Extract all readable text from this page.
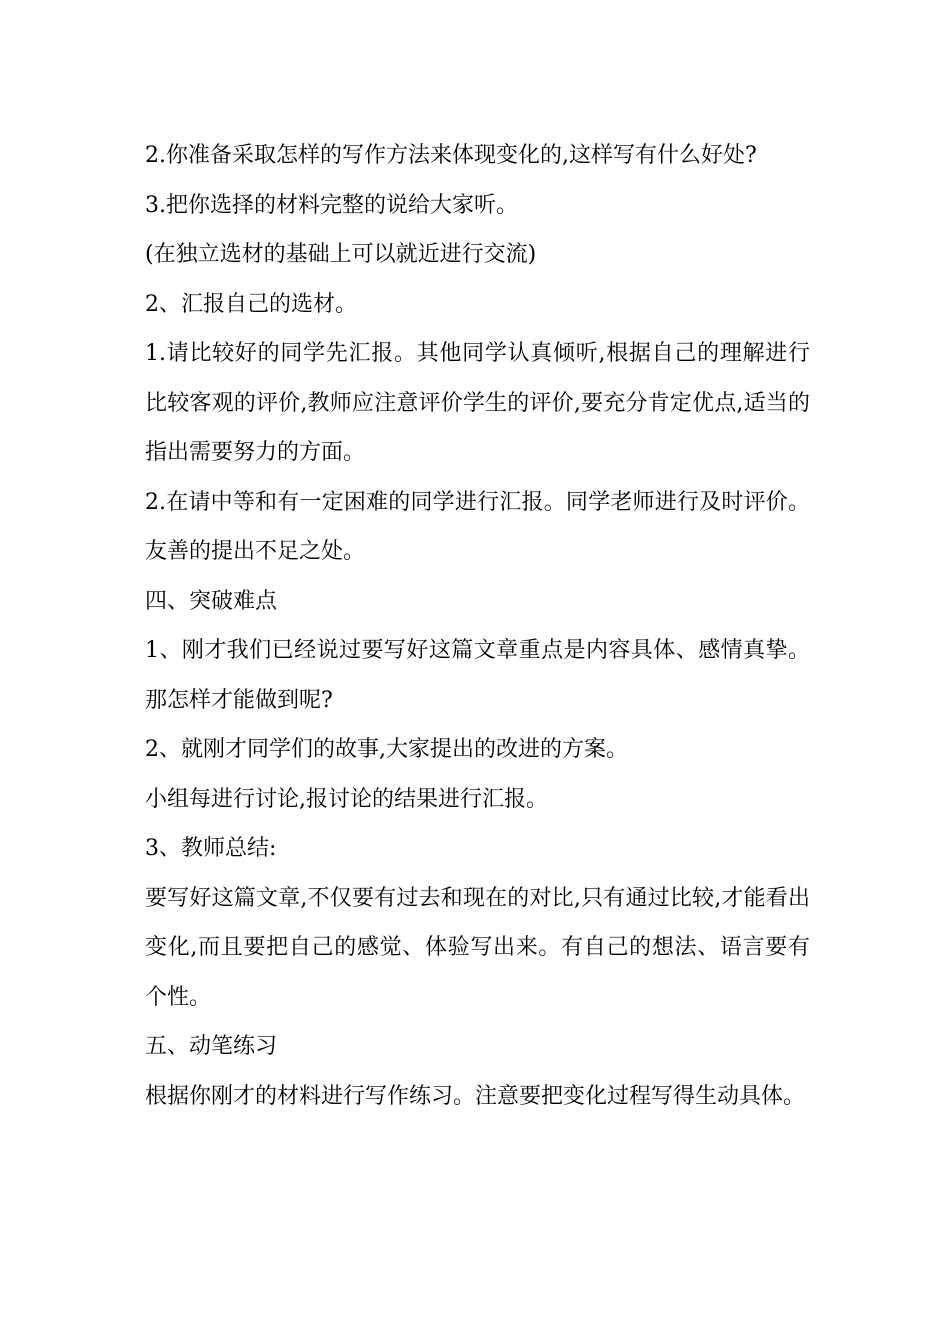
2.你准备采取怎样的写作方法来体现变化的,这样写有什么好处?

3.把你选择的材料完整的说给大家听。

(在独立选材的基础上可以就近进行交流)

2、汇报自己的选材。

1.请比较好的同学先汇报。其他同学认真倾听,根据自己的理解进行比较客观的评价,教师应注意评价学生的评价,要充分肯定优点,适当的指出需要努力的方面。

2.在请中等和有一定困难的同学进行汇报。同学老师进行及时评价。友善的提出不足之处。

四、突破难点

1、刚才我们已经说过要写好这篇文章重点是内容具体、感情真挚。那怎样才能做到呢?

2、就刚才同学们的故事,大家提出的改进的方案。

小组每进行讨论,报讨论的结果进行汇报。

3、教师总结:

要写好这篇文章,不仅要有过去和现在的对比,只有通过比较,才能看出变化,而且要把自己的感觉、体验写出来。有自己的想法、语言要有个性。

五、动笔练习

根据你刚才的材料进行写作练习。注意要把变化过程写得生动具体。
